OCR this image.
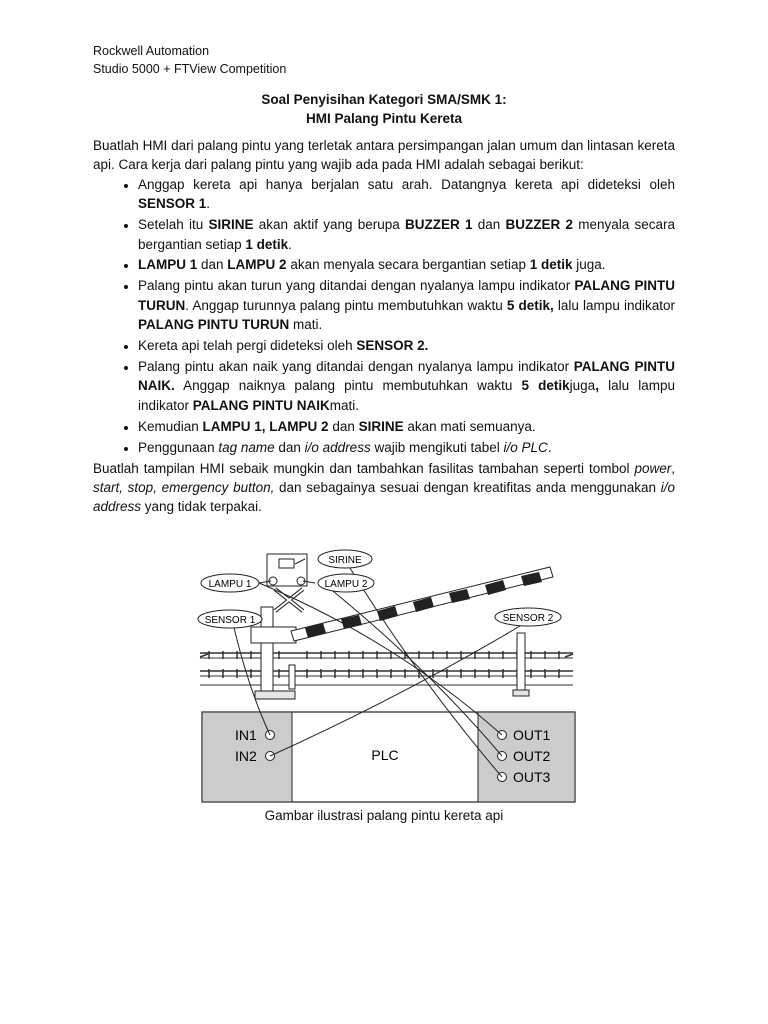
Rockwell Automation
Studio 5000 + FTView Competition
Soal Penyisihan Kategori SMA/SMK 1:
HMI Palang Pintu Kereta

Buatlah HMI dari palang pintu yang terletak antara persimpangan jalan umum dan lintasan kereta api. Cara kerja dari palang pintu yang wajib ada pada HMI adalah sebagai berikut:

• Anggap kereta api hanya berjalan satu arah. Datangnya kereta api dideteksi oleh SENSOR 1.
• Setelah itu SIRINE akan aktif yang berupa BUZZER 1 dan BUZZER 2 menyala secara bergantian setiap 1 detik.
• LAMPU 1 dan LAMPU 2 akan menyala secara bergantian setiap 1 detik juga.
• Palang pintu akan turun yang ditandai dengan nyalanya lampu indikator PALANG PINTU TURUN. Anggap turunnya palang pintu membutuhkan waktu 5 detik, lalu lampu indikator PALANG PINTU TURUN mati.
• Kereta api telah pergi dideteksi oleh SENSOR 2.
• Palang pintu akan naik yang ditandai dengan nyalanya lampu indikator PALANG PINTU NAIK. Anggap naiknya palang pintu membutuhkan waktu 5 detikjuga, lalu lampu indikator PALANG PINTU NAIKmati.
• Kemudian LAMPU 1, LAMPU 2 dan SIRINE akan mati semuanya.
• Penggunaan tag name dan i/o address wajib mengikuti tabel i/o PLC.

Buatlah tampilan HMI sebaik mungkin dan tambahkan fasilitas tambahan seperti tombol power, start, stop, emergency button, dan sebagainya sesuai dengan kreatifitas anda menggunakan i/o address yang tidak terpakai.

PLC
IN1
IN2
OUT1
OUT2
OUT3
LAMPU 1	LAMPU 2
SIRINE
SENSOR 1	SENSOR 2
Gambar ilustrasi palang pintu kereta api
